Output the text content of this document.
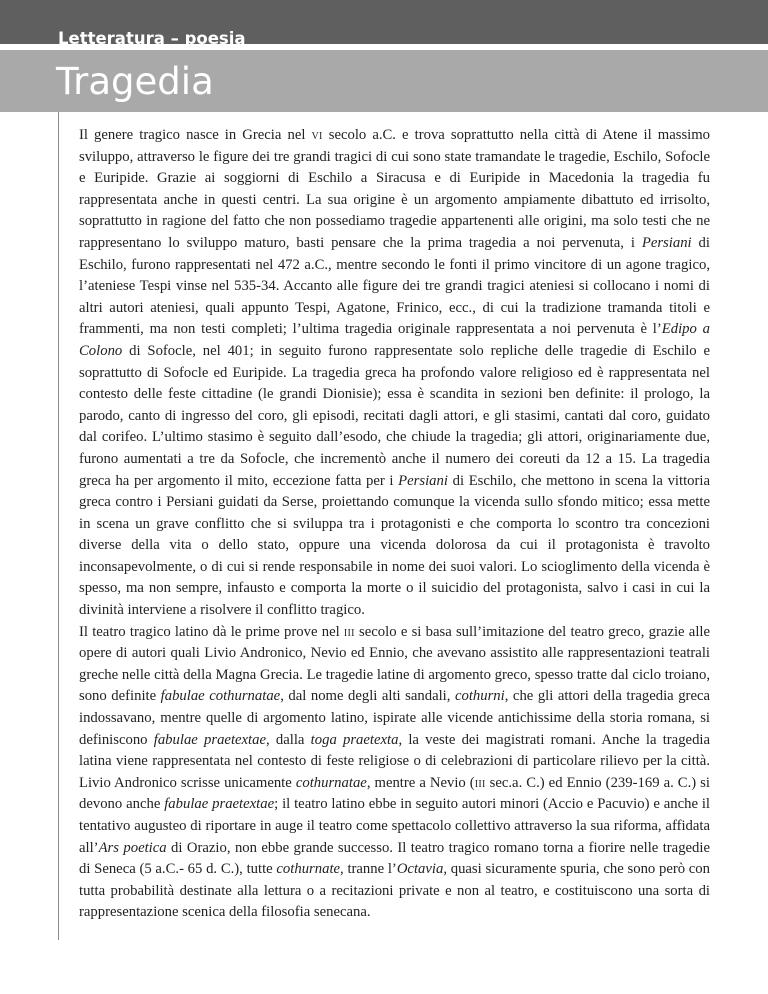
Letteratura – poesia
Tragedia

Il genere tragico nasce in Grecia nel vi secolo a.C. e trova soprattutto nella città di Atene il massimo sviluppo, attraverso le figure dei tre grandi tragici di cui sono state tramandate le tragedie, Eschilo, Sofocle e Euripide. Grazie ai soggiorni di Eschilo a Siracusa e di Euripide in Macedonia la tragedia fu rappresentata anche in questi centri. La sua origine è un argomento ampiamente dibattuto ed irrisolto, soprattutto in ragione del fatto che non possediamo tragedie appartenenti alle origini, ma solo testi che ne rappresentano lo sviluppo maturo, basti pensare che la prima tragedia a noi pervenuta, i Persiani di Eschilo, furono rappresentati nel 472 a.C., mentre secondo le fonti il primo vincitore di un agone tragico, l’ateniese Tespi vinse nel 535-34. Accanto alle figure dei tre grandi tragici ateniesi si collocano i nomi di altri autori ateniesi, quali appunto Tespi, Agatone, Frinico, ecc., di cui la tradizione tramanda titoli e frammenti, ma non testi completi; l’ultima tragedia originale rappresentata a noi pervenuta è l’Edipo a Colono di Sofocle, nel 401; in seguito furono rappresentate solo repliche delle tragedie di Eschilo e soprattutto di Sofocle ed Euripide. La tragedia greca ha profondo valore religioso ed è rappresentata nel contesto delle feste cittadine (le grandi Dionisie); essa è scandita in sezioni ben definite: il prologo, la parodo, canto di ingresso del coro, gli episodi, recitati dagli attori, e gli stasimi, cantati dal coro, guidato dal corifeo. L’ultimo stasimo è seguito dall’esodo, che chiude la tragedia; gli attori, originariamente due, furono aumentati a tre da Sofocle, che incrementò anche il numero dei coreuti da 12 a 15. La tragedia greca ha per argomento il mito, eccezione fatta per i Persiani di Eschilo, che mettono in scena la vittoria greca contro i Persiani guidati da Serse, proiettando comunque la vicenda sullo sfondo mitico; essa mette in scena un grave conflitto che si sviluppa tra i protagonisti e che comporta lo scontro tra concezioni diverse della vita o dello stato, oppure una vicenda dolorosa da cui il protagonista è travolto inconsapevolmente, o di cui si rende responsabile in nome dei suoi valori. Lo scioglimento della vicenda è spesso, ma non sempre, infausto e comporta la morte o il suicidio del protagonista, salvo i casi in cui la divinità interviene a risolvere il conflitto tragico.

Il teatro tragico latino dà le prime prove nel iii secolo e si basa sull’imitazione del teatro greco, grazie alle opere di autori quali Livio Andronico, Nevio ed Ennio, che avevano assistito alle rappresentazioni teatrali greche nelle città della Magna Grecia. Le tragedie latine di argomento greco, spesso tratte dal ciclo troiano, sono definite fabulae cothurnatae, dal nome degli alti sandali, cothurni, che gli attori della tragedia greca indossavano, mentre quelle di argomento latino, ispirate alle vicende antichissime della storia romana, si definiscono fabulae praetextae, dalla toga praetexta, la veste dei magistrati romani. Anche la tragedia latina viene rappresentata nel contesto di feste religiose o di celebrazioni di particolare rilievo per la città. Livio Andronico scrisse unicamente cothurnatae, mentre a Nevio (iii sec.a. C.) ed Ennio (239-169 a. C.) si devono anche fabulae praetextae; il teatro latino ebbe in seguito autori minori (Accio e Pacuvio) e anche il tentativo augusteo di riportare in auge il teatro come spettacolo collettivo attraverso la sua riforma, affidata all’Ars poetica di Orazio, non ebbe grande successo. Il teatro tragico romano torna a fiorire nelle tragedie di Seneca (5 a.C.- 65 d. C.), tutte cothurnate, tranne l’Octavia, quasi sicuramente spuria, che sono però con tutta probabilità destinate alla lettura o a recitazioni private e non al teatro, e costituiscono una sorta di rappresentazione scenica della filosofia senecana.
